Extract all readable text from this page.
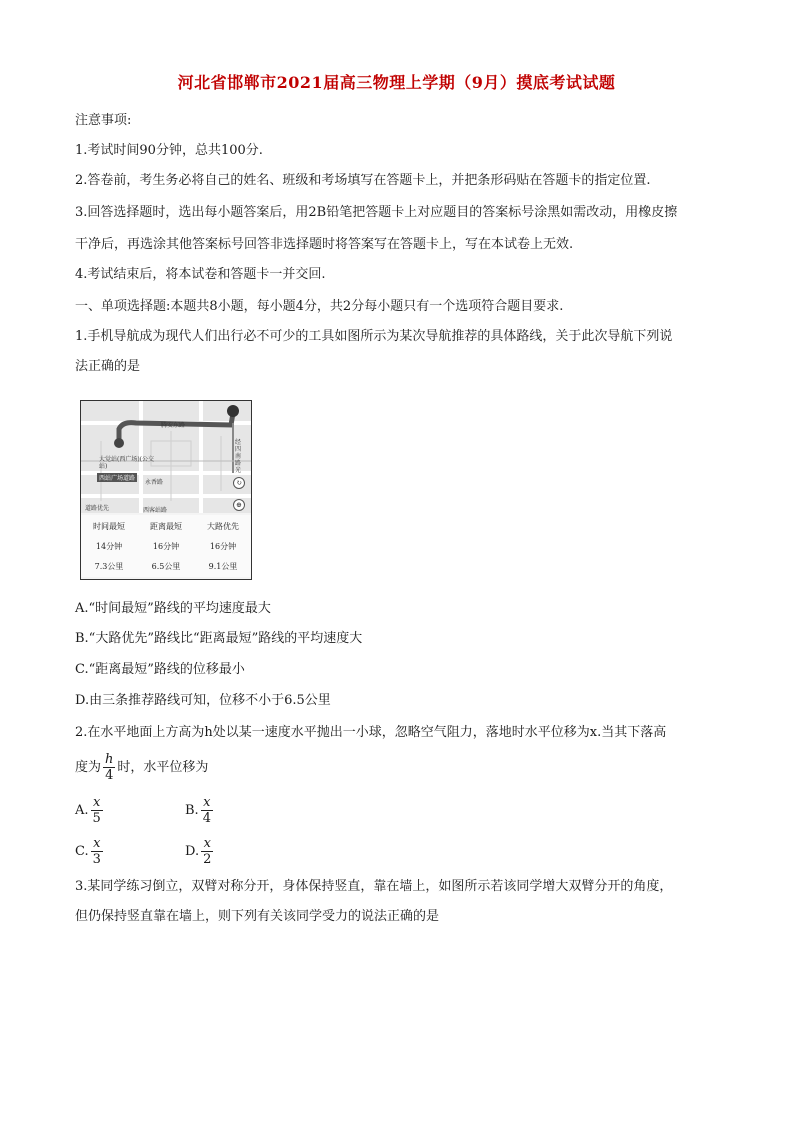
河北省邯郸市2021届高三物理上学期（9月）摸底考试试题
注意事项:
1.考试时间90分钟，总共100分.
2.答卷前，考生务必将自己的姓名、班级和考场填写在答题卡上，并把条形码贴在答题卡的指定位置.
3.回答选择题时，选出每小题答案后，用2B铅笔把答题卡上对应题目的答案标号涂黑如需改动，用橡皮擦
干净后，再选涂其他答案标号回答非选择题时将答案写在答题卡上，写在本试卷上无效.
4.考试结束后，将本试卷和答题卡一并交回.
一、单项选择题:本题共8小题，每小题4分，共2分每小题只有一个选项符合题目要求.
1.手机导航成为现代人们出行必不可少的工具如图所示为某次导航推荐的具体路线，关于此次导航下列说
法正确的是
腾安东路
大觉站(西广场)(公交站)
西站广场道路
永香路
道路优先	西客站路
经四南路光
↻
⊕
时间最短	距离最短	大路优先
14分钟	16分钟	16分钟
7.3公里	6.5公里	9.1公里
A.“时间最短”路线的平均速度最大
B.“大路优先”路线比“距离最短”路线的平均速度大
C.“距离最短”路线的位移最小
D.由三条推荐路线可知，位移不小于6.5公里
2.在水平地面上方高为h处以某一速度水平抛出一小球，忽略空气阻力，落地时水平位移为x.当其下落高
度为 $\frac{h}{4}$ 时，水平位移为
A. $\frac{x}{5}$	B. $\frac{x}{4}$
C. $\frac{x}{3}$	D. $\frac{x}{2}$
3.某同学练习倒立，双臂对称分开，身体保持竖直，靠在墙上，如图所示若该同学增大双臂分开的角度，
但仍保持竖直靠在墙上，则下列有关该同学受力的说法正确的是
